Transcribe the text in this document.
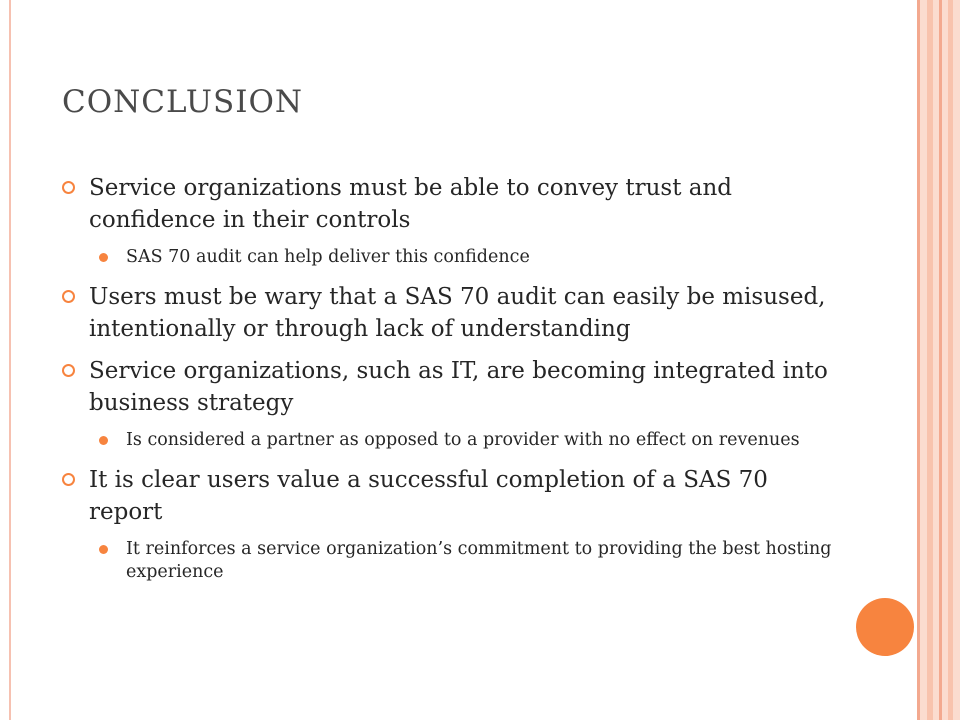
CONCLUSION
Service organizations must be able to convey trust and confidence in their controls
SAS 70 audit can help deliver this confidence
Users must be wary that a SAS 70 audit can easily be misused, intentionally or through lack of understanding
Service organizations, such as IT, are becoming integrated into business strategy
Is considered a partner as opposed to a provider with no effect on revenues
It is clear users value a successful completion of a SAS 70 report
It reinforces a service organization’s commitment to providing the best hosting experience
